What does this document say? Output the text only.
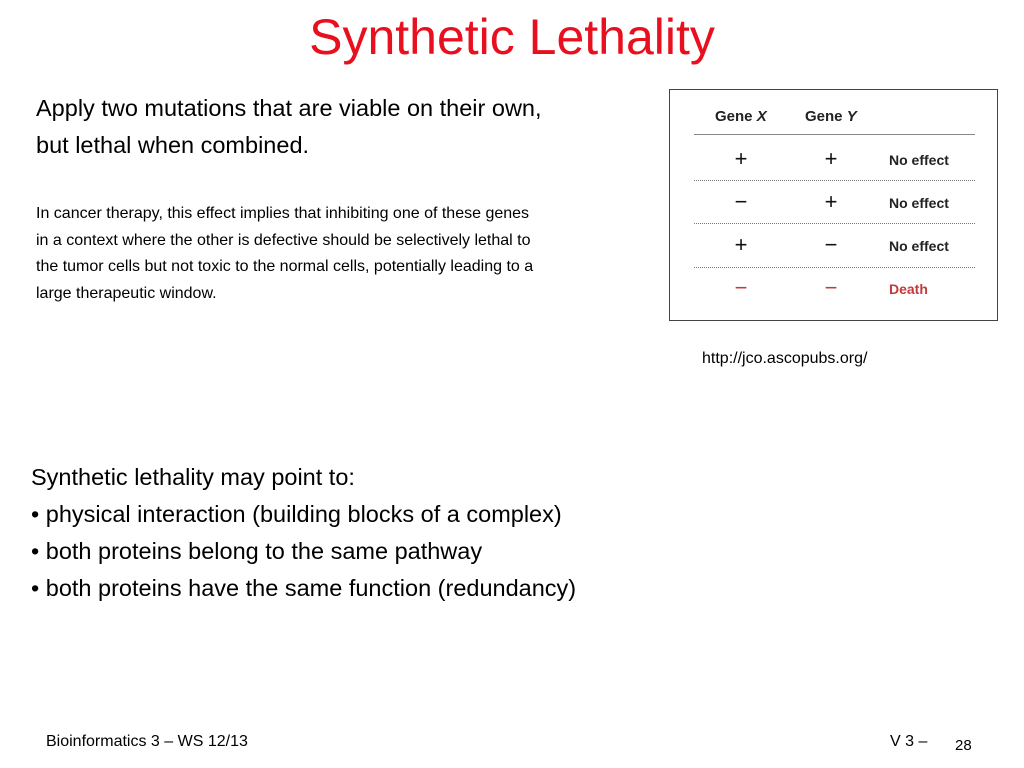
Synthetic Lethality
Apply two mutations that are viable on their own,
but lethal when combined.
In cancer therapy, this effect implies that inhibiting one of these genes
in a context where the other is defective should be selectively lethal to
the tumor cells but not toxic to the normal cells, potentially leading to a
large therapeutic window.
Gene X	Gene Y
+	+	No effect
−	+	No effect
+	−	No effect
−	−	Death
http://jco.ascopubs.org/
Synthetic lethality may point to:
• physical interaction (building blocks of a complex)
• both proteins belong to the same pathway
• both proteins have the same function (redundancy)
Bioinformatics 3 – WS 12/13	V 3 – 28
